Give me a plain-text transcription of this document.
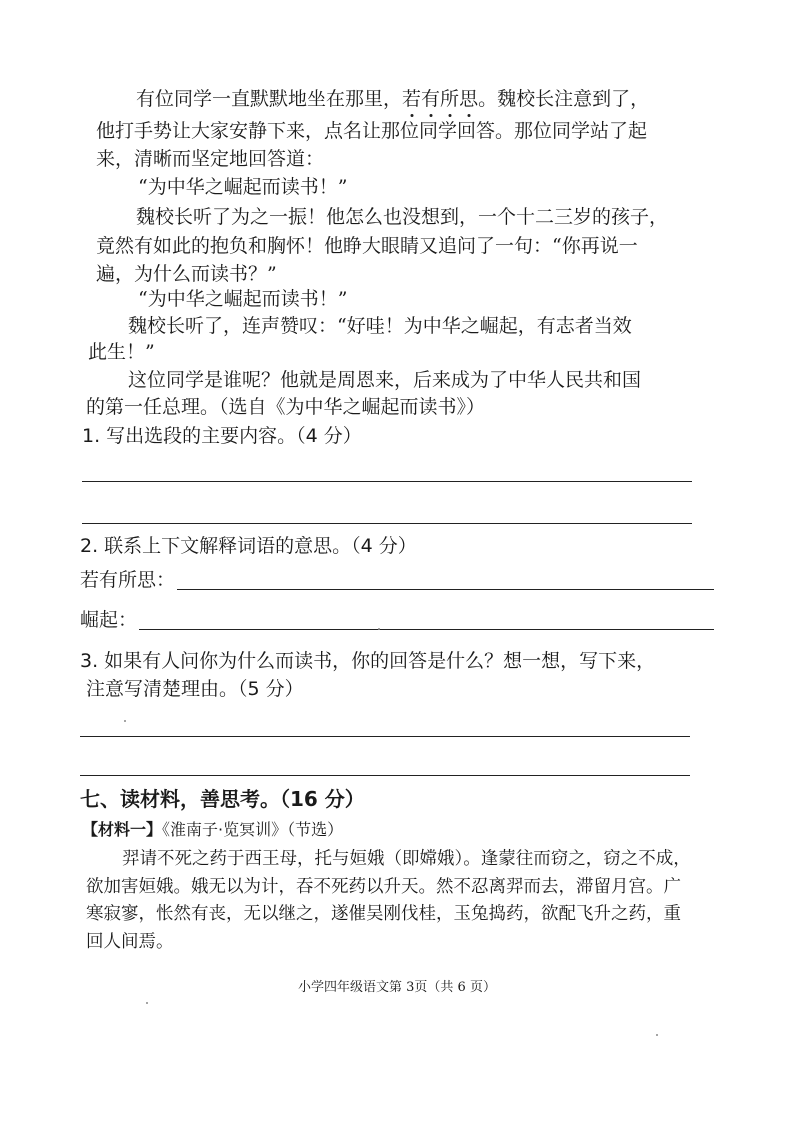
有位同学一直默默地坐在那里，若有所思。魏校长注意到了，
他打手势让大家安静下来，点名让那位同学回答。那位同学站了起
来，清晰而坚定地回答道：
“为中华之崛起而读书！”
魏校长听了为之一振！他怎么也没想到，一个十二三岁的孩子，
竟然有如此的抱负和胸怀！他睁大眼睛又追问了一句：“你再说一
遍，为什么而读书？”
“为中华之崛起而读书！”
魏校长听了，连声赞叹：“好哇！为中华之崛起，有志者当效
此生！”
这位同学是谁呢？他就是周恩来，后来成为了中华人民共和国
的第一任总理。（选自《为中华之崛起而读书》）
1. 写出选段的主要内容。（4 分）
2. 联系上下文解释词语的意思。（4 分）
若有所思：
崛起：
3. 如果有人问你为什么而读书，你的回答是什么？想一想，写下来，
注意写清楚理由。（5 分）
七、读材料，善思考。（16 分）
【材料一】《淮南子·览冥训》（节选）
羿请不死之药于西王母，托与姮娥（即嫦娥）。逢蒙往而窃之，窃之不成，
欲加害姮娥。娥无以为计，吞不死药以升天。然不忍离羿而去，滞留月宫。广
寒寂寥，怅然有丧，无以继之，遂催吴刚伐桂，玉兔捣药，欲配飞升之药，重
回人间焉。
小学四年级语文第 3页（共 6 页）
